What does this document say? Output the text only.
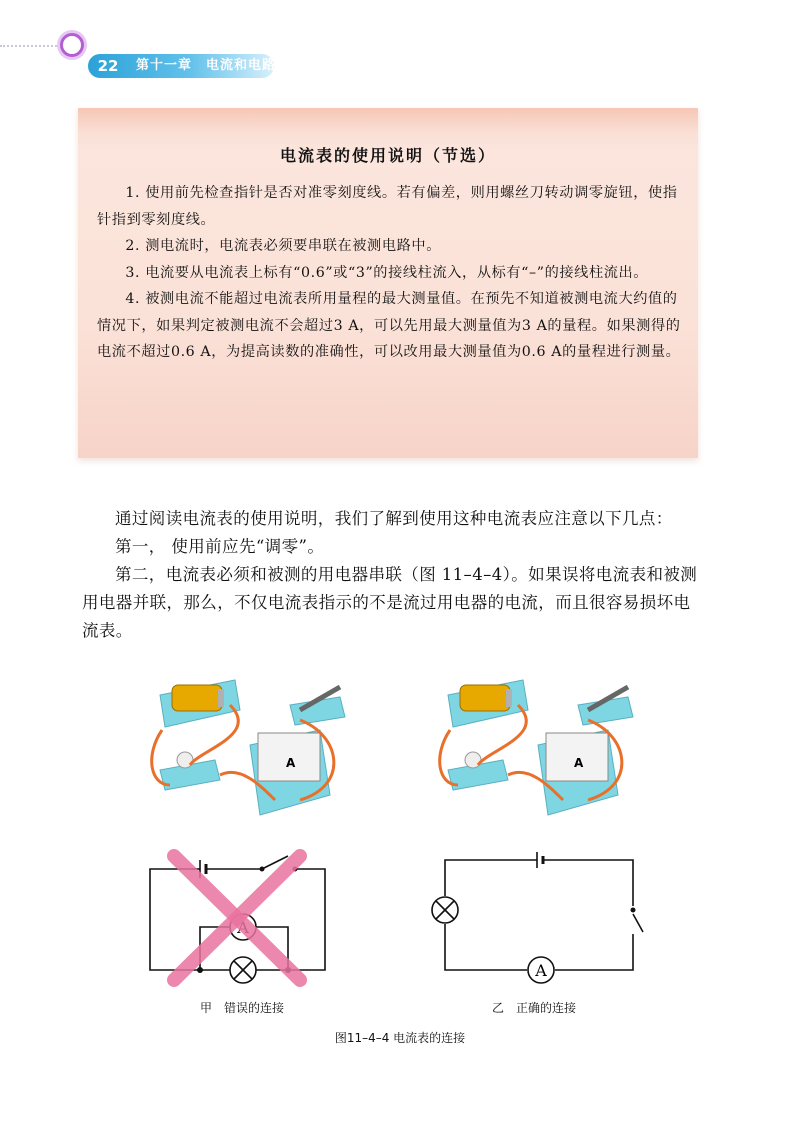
22	第十一章　电流和电路
电流表的使用说明（节选）

1. 使用前先检查指针是否对准零刻度线。若有偏差，则用螺丝刀转动调零旋钮，使指针指到零刻度线。

2. 测电流时，电流表必须要串联在被测电路中。

3. 电流要从电流表上标有“0.6”或“3”的接线柱流入，从标有“–”的接线柱流出。

4. 被测电流不能超过电流表所用量程的最大测量值。在预先不知道被测电流大约值的情况下，如果判定被测电流不会超过3 A，可以先用最大测量值为3 A的量程。如果测得的电流不超过0.6 A，为提高读数的准确性，可以改用最大测量值为0.6 A的量程进行测量。

通过阅读电流表的使用说明，我们了解到使用这种电流表应注意以下几点：

第一， 使用前应先“调零”。

第二，电流表必须和被测的用电器串联（图 11–4–4）。如果误将电流表和被测用电器并联，那么，不仅电流表指示的不是流过用电器的电流，而且很容易损坏电流表。

A	A
甲　错误的连接
A
乙　正确的连接
图11–4–4 电流表的连接
